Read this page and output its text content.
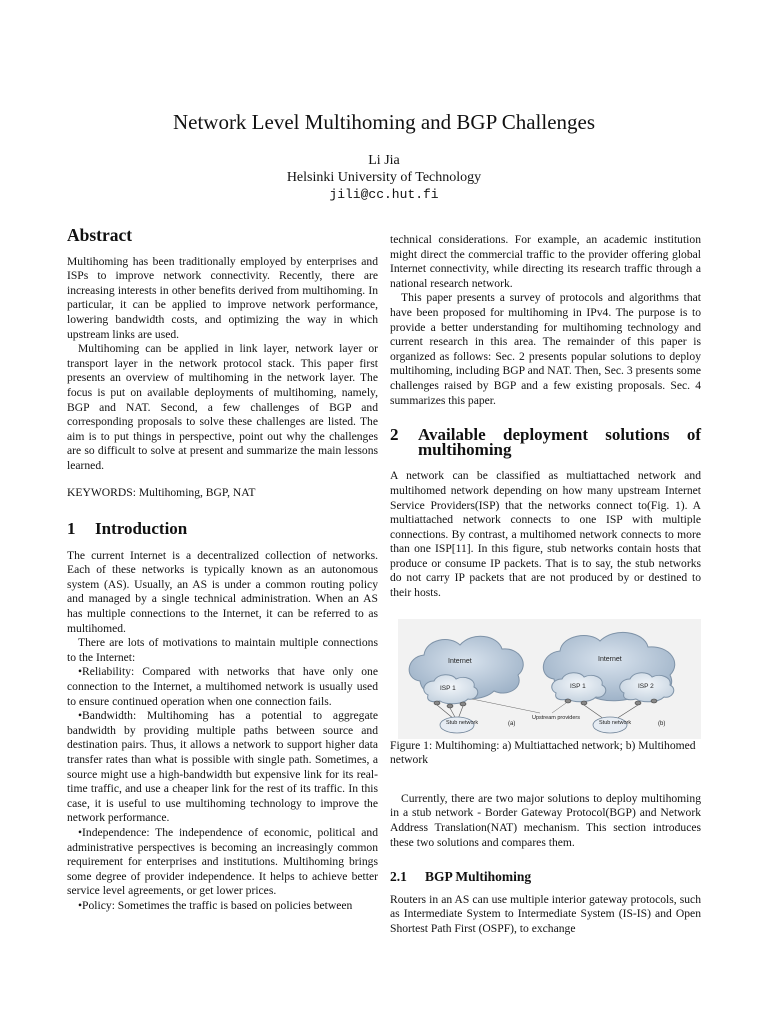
Network Level Multihoming and BGP Challenges
Li Jia
Helsinki University of Technology
jili@cc.hut.fi
Abstract

Multihoming has been traditionally employed by enterprises and ISPs to improve network connectivity. Recently, there are increasing interests in other benefits derived from multihoming. In particular, it can be applied to improve network performance, lowering bandwidth costs, and optimizing the way in which upstream links are used.

Multihoming can be applied in link layer, network layer or transport layer in the network protocol stack. This paper first presents an overview of multihoming in the network layer. The focus is put on available deployments of multihoming, namely, BGP and NAT. Second, a few challenges of BGP and corresponding proposals to solve these challenges are listed. The aim is to put things in perspective, point out why the challenges are so difficult to solve at present and summarize the main lessons learned.

KEYWORDS: Multihoming, BGP, NAT

1	Introduction

The current Internet is a decentralized collection of networks. Each of these networks is typically known as an autonomous system (AS). Usually, an AS is under a common routing policy and managed by a single technical administration. When an AS has multiple connections to the Internet, it can be referred to as multihomed.

There are lots of motivations to maintain multiple connections to the Internet:

•Reliability: Compared with networks that have only one connection to the Internet, a multihomed network is usually used to ensure continued operation when one connection fails.

•Bandwidth: Multihoming has a potential to aggregate bandwidth by providing multiple paths between source and destination pairs. Thus, it allows a network to support higher data transfer rates than what is possible with single path. Sometimes, a source might use a high-bandwidth but expensive link for its real-time traffic, and use a cheaper link for the rest of its traffic. In this case, it is useful to use multihoming technology to improve the network performance.

•Independence: The independence of economic, political and administrative perspectives is becoming an increasingly common requirement for enterprises and institutions. Multihoming brings some degree of provider independence. It helps to achieve better service level agreements, or get lower prices.

•Policy: Sometimes the traffic is based on policies between

technical considerations. For example, an academic institution might direct the commercial traffic to the provider offering global Internet connectivity, while directing its research traffic through a national research network.

This paper presents a survey of protocols and algorithms that have been proposed for multihoming in IPv4. The purpose is to provide a better understanding for multihoming technology and current research in this area. The remainder of this paper is organized as follows: Sec. 2 presents popular solutions to deploy multihoming, including BGP and NAT. Then, Sec. 3 presents some challenges raised by BGP and a few existing proposals. Sec. 4 summarizes this paper.

2	Available deployment solutions of multihoming

A network can be classified as multiattached network and multihomed network depending on how many upstream Internet Service Providers(ISP) that the networks connect to(Fig. 1). A multiattached network connects to one ISP with multiple connections. By contrast, a multihomed network connects to more than one ISP[11]. In this figure, stub networks contain hosts that produce or consume IP packets. That is to say, the stub networks do not carry IP packets that are not produced by or destined to their hosts.

Internet
ISP 1
Stub network	(a)
Upstream providers
Internet
ISP 1	ISP 2
Stub network	(b)

Figure 1: Multihoming: a) Multiattached network; b) Multihomed network

Currently, there are two major solutions to deploy multihoming in a stub network - Border Gateway Protocol(BGP) and Network Address Translation(NAT) mechanism. This section introduces these two solutions and compares them.

2.1	BGP Multihoming

Routers in an AS can use multiple interior gateway protocols, such as Intermediate System to Intermediate System (IS-IS) and Open Shortest Path First (OSPF), to exchange
